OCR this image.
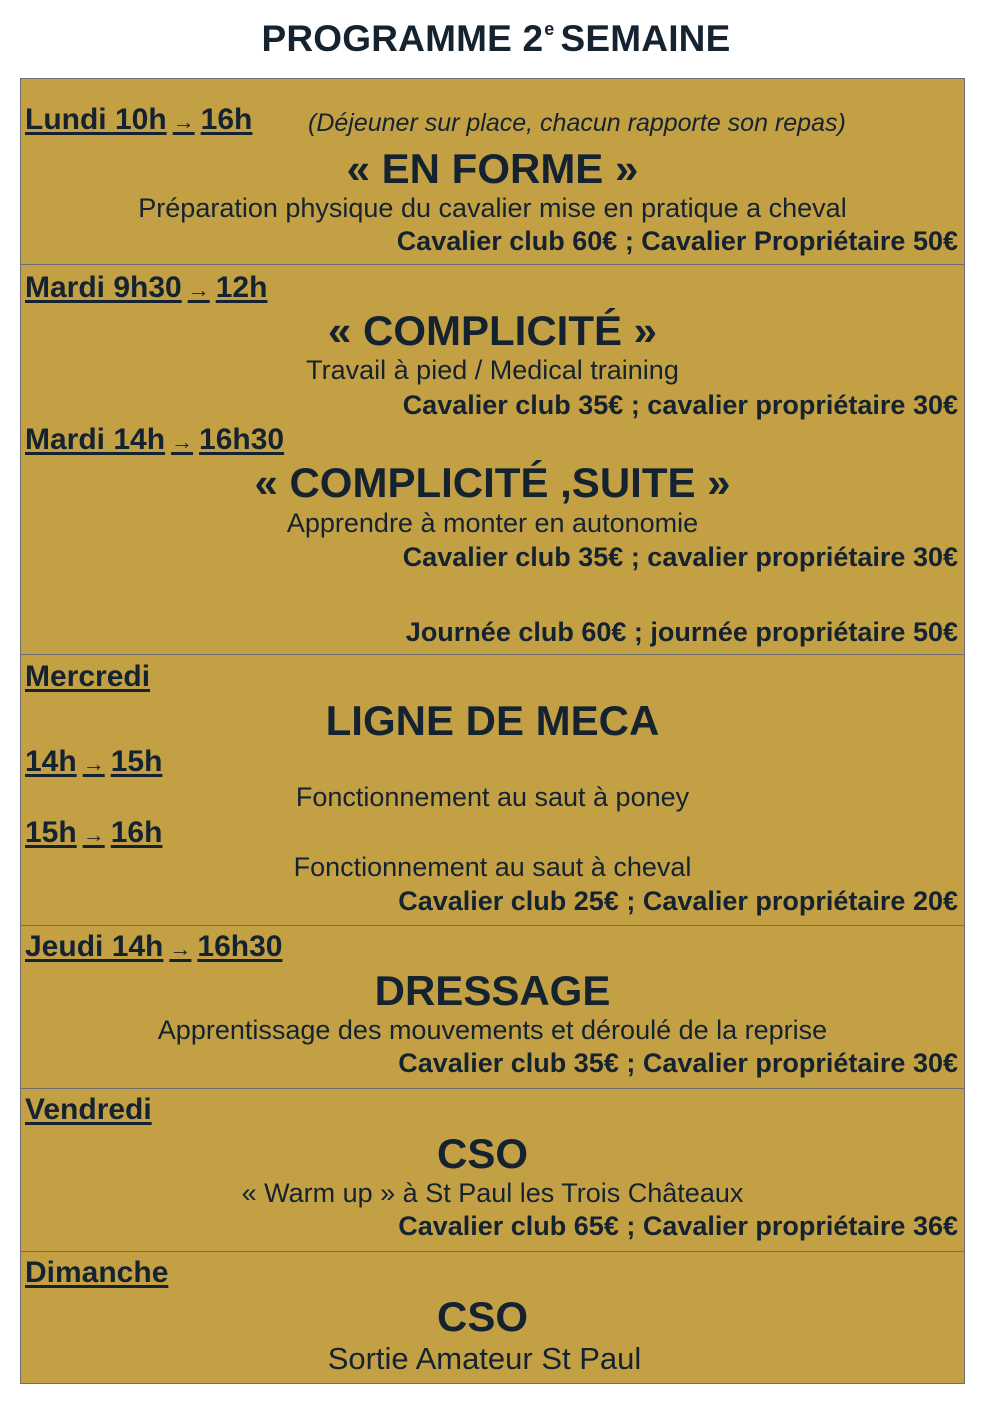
PROGRAMME 2e SEMAINE
Lundi 10h → 16h (Déjeuner sur place, chacun rapporte son repas)
« EN FORME »
Préparation physique du cavalier mise en pratique a cheval
Cavalier club 60€ ; Cavalier Propriétaire 50€
Mardi 9h30 → 12h
« COMPLICITÉ »
Travail à pied / Medical training
Cavalier club 35€ ; cavalier propriétaire 30€
Mardi 14h → 16h30
« COMPLICITÉ ,SUITE »
Apprendre à monter en autonomie
Cavalier club 35€ ; cavalier propriétaire 30€
Journée club 60€ ; journée propriétaire 50€
Mercredi
LIGNE DE MECA
14h → 15h
Fonctionnement au saut à poney
15h → 16h
Fonctionnement au saut à cheval
Cavalier club 25€ ; Cavalier propriétaire 20€
Jeudi 14h → 16h30
DRESSAGE
Apprentissage des mouvements et déroulé de la reprise
Cavalier club 35€ ; Cavalier propriétaire 30€
Vendredi
CSO
« Warm up » à St Paul les Trois Châteaux
Cavalier club 65€ ; Cavalier propriétaire 36€
Dimanche
CSO
Sortie Amateur St Paul
